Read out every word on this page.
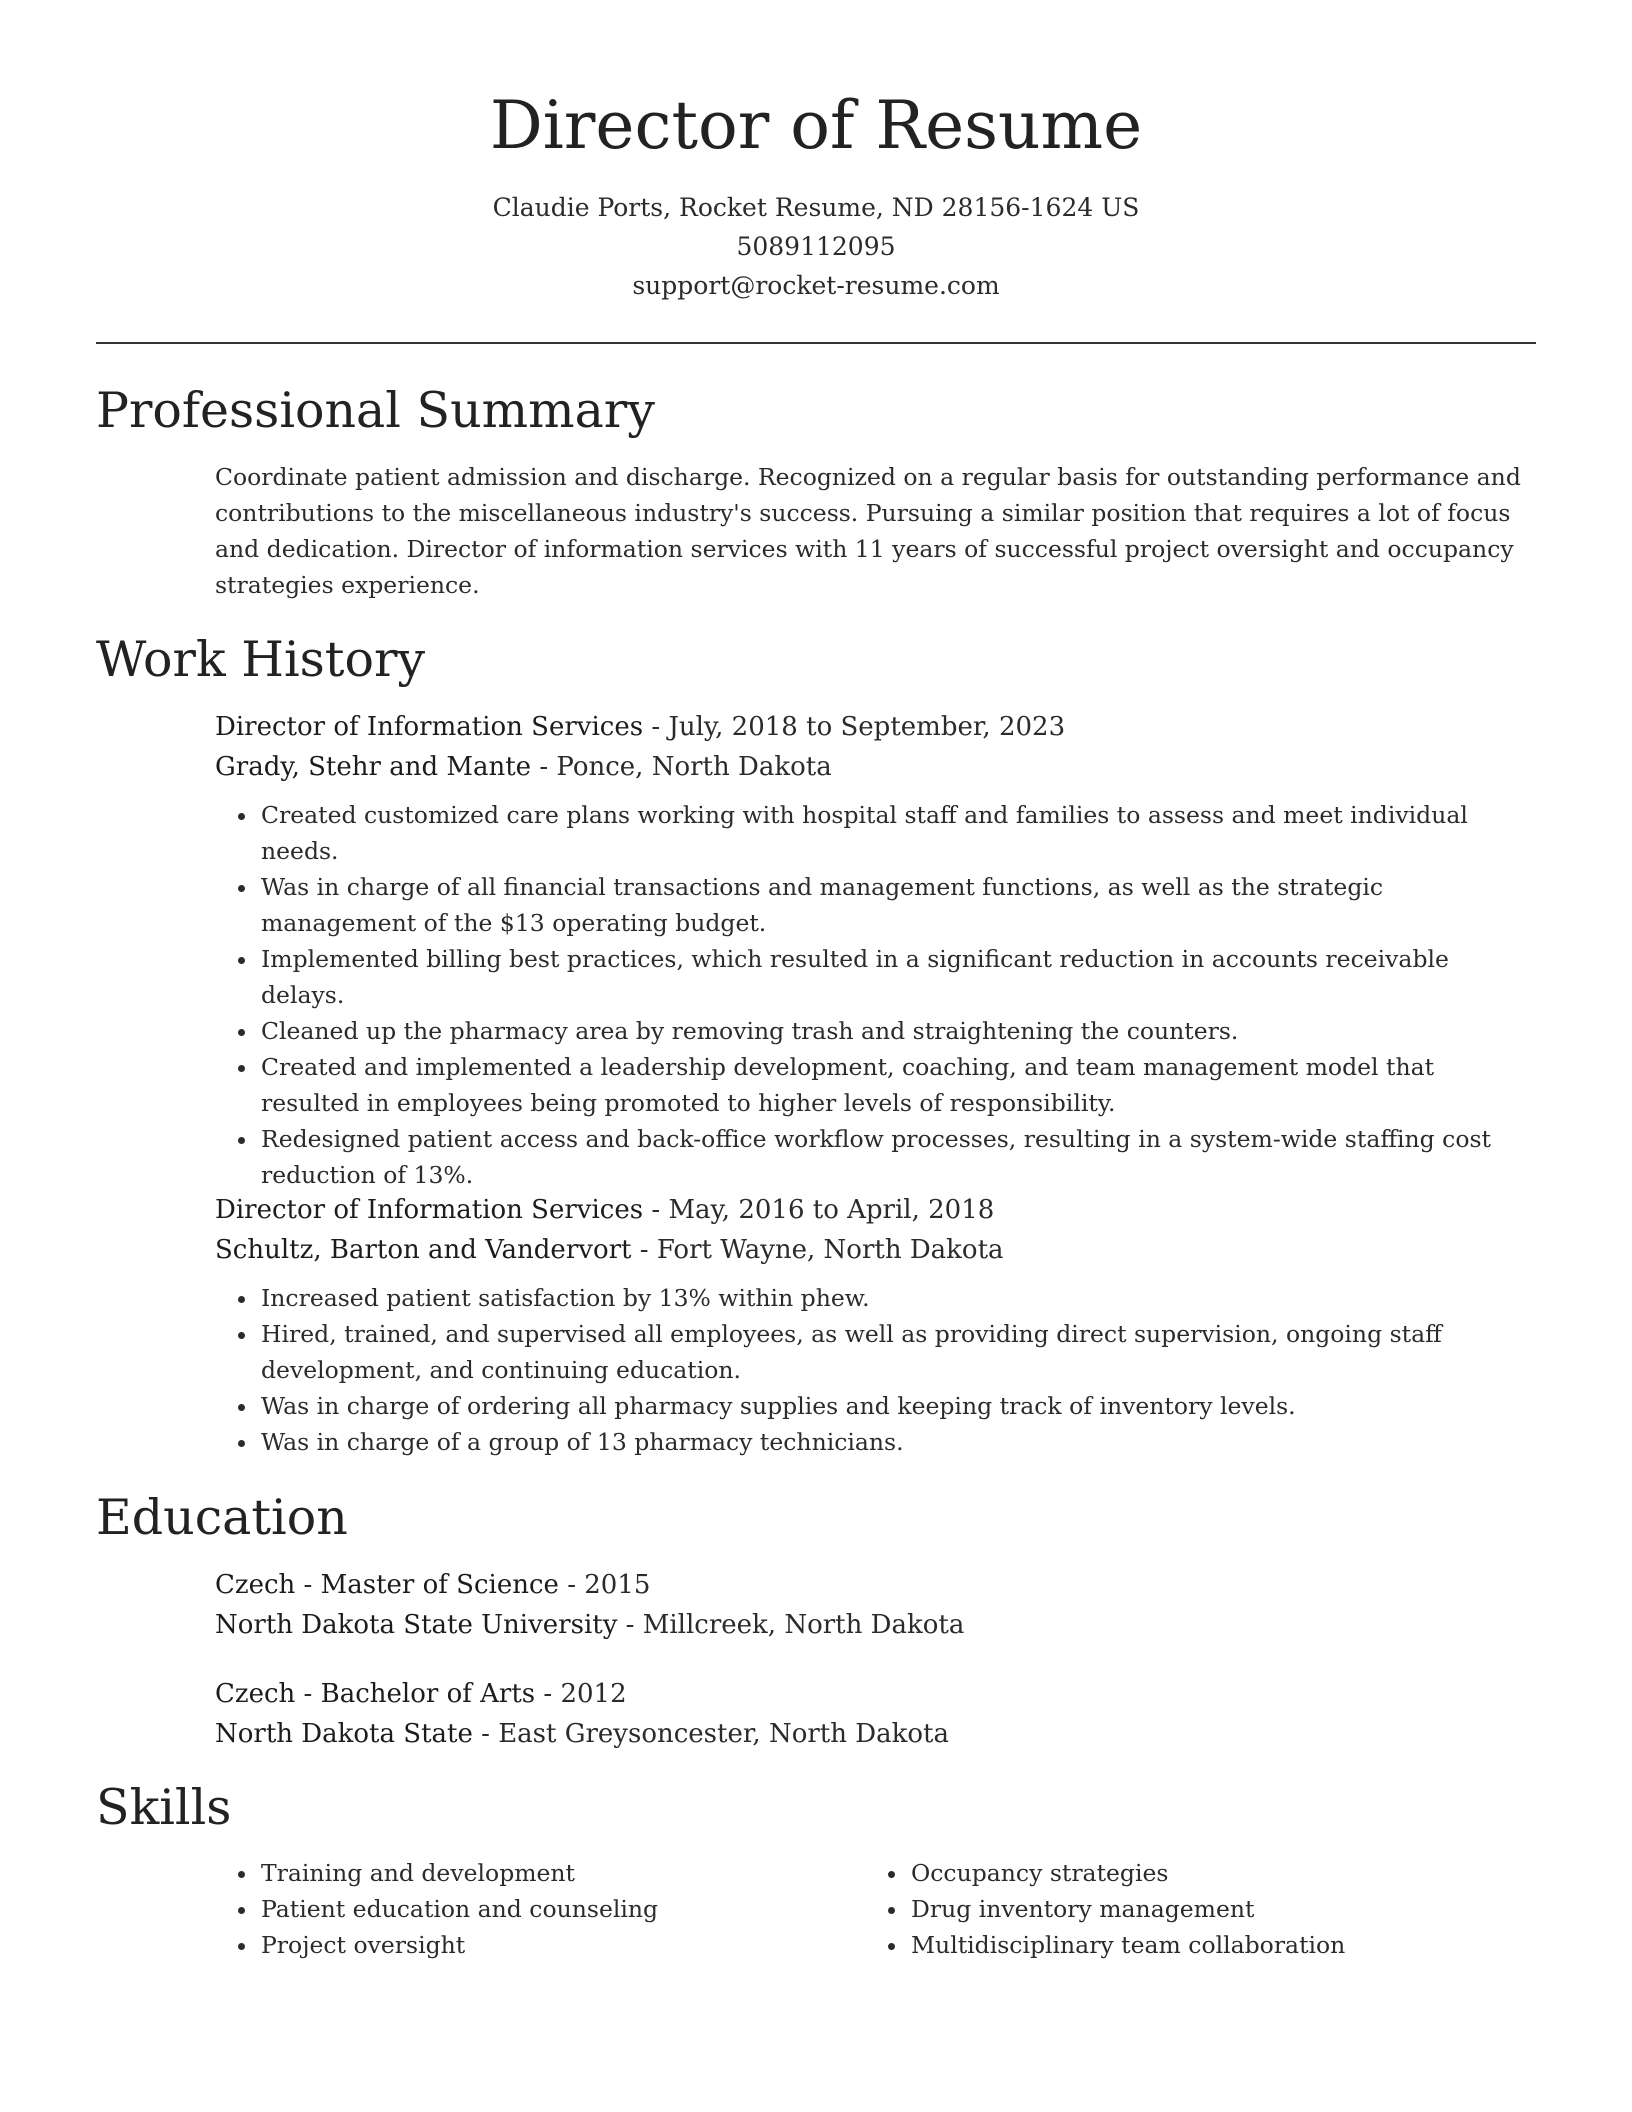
Director of Resume
Claudie Ports, Rocket Resume, ND 28156-1624 US
5089112095
support@rocket-resume.com
Professional Summary

Coordinate patient admission and discharge. Recognized on a regular basis for outstanding performance and contributions to the miscellaneous industry's success. Pursuing a similar position that requires a lot of focus and dedication. Director of information services with 11 years of successful project oversight and occupancy strategies experience.

Work History
Director of Information Services - July, 2018 to September, 2023
Grady, Stehr and Mante - Ponce, North Dakota
• Created customized care plans working with hospital staff and families to assess and meet individual needs.
• Was in charge of all financial transactions and management functions, as well as the strategic management of the $13 operating budget.
• Implemented billing best practices, which resulted in a significant reduction in accounts receivable delays.
• Cleaned up the pharmacy area by removing trash and straightening the counters.
• Created and implemented a leadership development, coaching, and team management model that resulted in employees being promoted to higher levels of responsibility.
• Redesigned patient access and back-office workflow processes, resulting in a system-wide staffing cost reduction of 13%.
Director of Information Services - May, 2016 to April, 2018
Schultz, Barton and Vandervort - Fort Wayne, North Dakota
• Increased patient satisfaction by 13% within phew.
• Hired, trained, and supervised all employees, as well as providing direct supervision, ongoing staff development, and continuing education.
• Was in charge of ordering all pharmacy supplies and keeping track of inventory levels.
• Was in charge of a group of 13 pharmacy technicians.
Education
Czech - Master of Science - 2015
North Dakota State University - Millcreek, North Dakota
Czech - Bachelor of Arts - 2012
North Dakota State - East Greysoncester, North Dakota
Skills
• Training and development
• Patient education and counseling
• Project oversight
• Occupancy strategies
• Drug inventory management
• Multidisciplinary team collaboration
